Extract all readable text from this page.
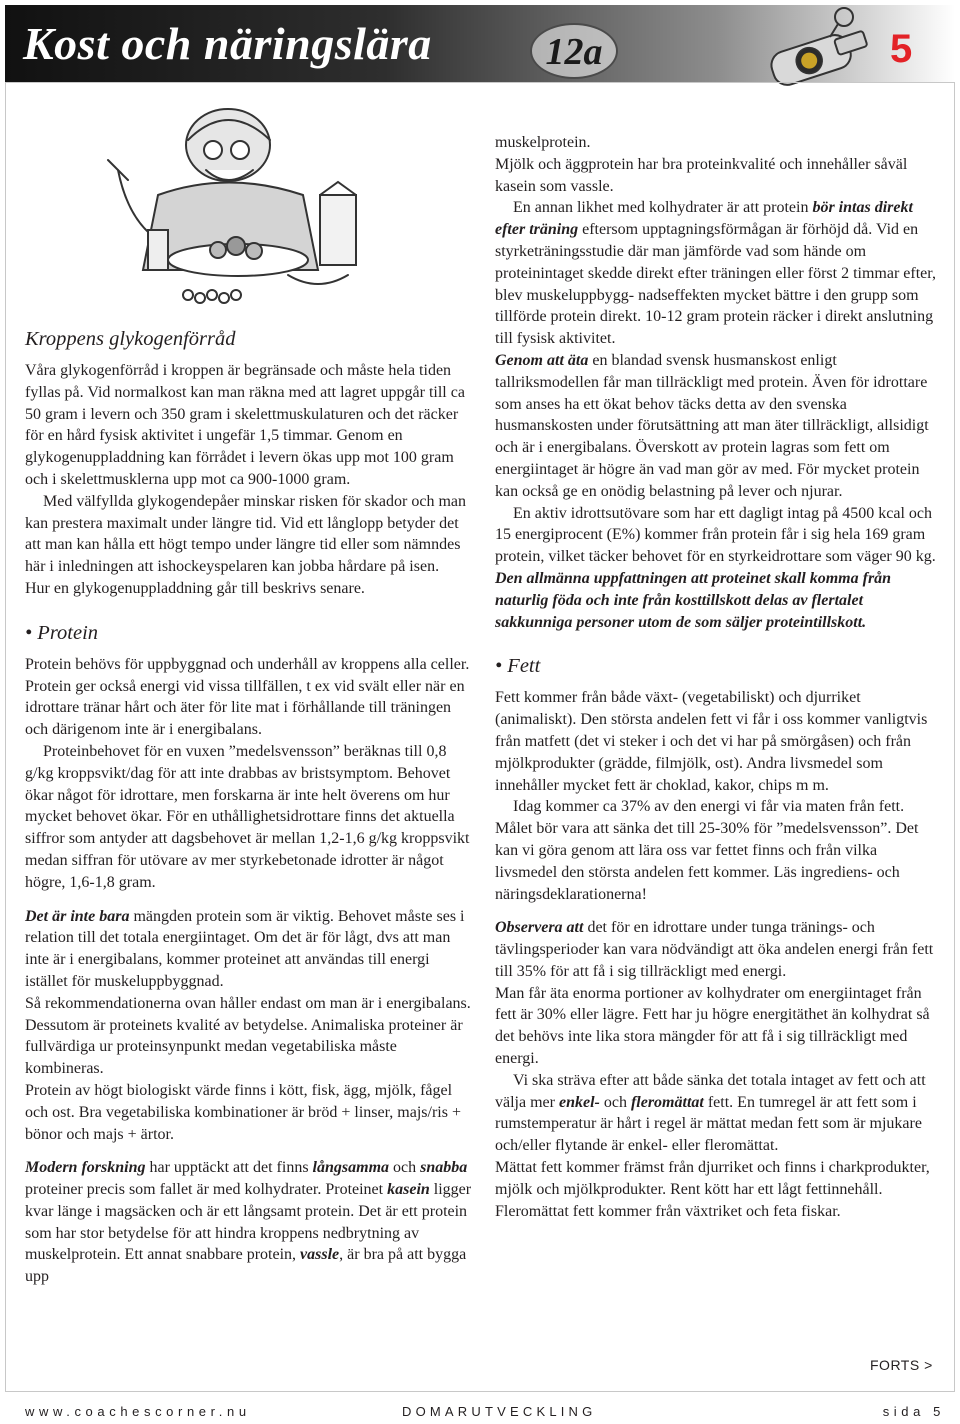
Kost och näringslära	12a	5
Kroppens glykogenförråd

Våra glykogenförråd i kroppen är begränsade och måste hela tiden fyllas på. Vid normalkost kan man räkna med att lagret uppgår till ca 50 gram i levern och 350 gram i skelettmuskulaturen och det räcker för en hård fysisk aktivitet i ungefär 1,5 timmar. Genom en glykogenuppladdning kan förrådet i levern ökas upp mot 100 gram och i skelettmusklerna upp mot ca 900-1000 gram.

Med välfyllda glykogendepåer minskar risken för skador och man kan prestera maximalt under längre tid. Vid ett långlopp betyder det att man kan hålla ett högt tempo under längre tid eller som nämndes här i inledningen att ishockeyspelaren kan jobba hårdare på isen.

Hur en glykogenuppladdning går till beskrivs senare.

• Protein

Protein behövs för uppbyggnad och underhåll av kroppens alla celler. Protein ger också energi vid vissa tillfällen, t ex vid svält eller när en idrottare tränar hårt och äter för lite mat i förhållande till träningen och därigenom inte är i energibalans.

Proteinbehovet för en vuxen ”medelsvensson” beräknas till 0,8 g/kg kroppsvikt/dag för att inte drabbas av bristsymptom. Behovet ökar något för idrottare, men forskarna är inte helt överens om hur mycket behovet ökar. För en uthållighetsidrottare finns det aktuella siffror som antyder att dagsbehovet är mellan 1,2-1,6 g/kg kroppsvikt medan siffran för utövare av mer styrkebetonade idrotter är något högre, 1,6-1,8 gram.

Det är inte bara mängden protein som är viktig. Behovet måste ses i relation till det totala energiintaget. Om det är för lågt, dvs att man inte är i energibalans, kommer proteinet att användas till energi istället för muskeluppbyggnad.

Så rekommendationerna ovan håller endast om man är i energibalans. Dessutom är proteinets kvalité av betydelse. Animaliska proteiner är fullvärdiga ur proteinsynpunkt medan vegetabiliska måste kombineras.

Protein av högt biologiskt värde finns i kött, fisk, ägg, mjölk, fågel och ost. Bra vegetabiliska kombinationer är bröd + linser, majs/ris + bönor och majs + ärtor.

Modern forskning har upptäckt att det finns långsamma och snabba proteiner precis som fallet är med kolhydrater. Proteinet kasein ligger kvar länge i magsäcken och är ett långsamt protein. Det är ett protein som har stor betydelse för att hindra kroppens nedbrytning av muskelprotein. Ett annat snabbare protein, vassle, är bra på att bygga upp

muskelprotein.

Mjölk och äggprotein har bra proteinkvalité och innehåller såväl kasein som vassle.

En annan likhet med kolhydrater är att protein bör intas direkt efter träning eftersom upptagningsförmågan är förhöjd då. Vid en styrketräningsstudie där man jämförde vad som hände om proteinintaget skedde direkt efter träningen eller först 2 timmar efter, blev muskeluppbygg- nadseffekten mycket bättre i den grupp som tillförde protein direkt. 10-12 gram protein räcker i direkt anslutning till fysisk aktivitet.

Genom att äta en blandad svensk husmanskost enligt tallriksmodellen får man tillräckligt med protein. Även för idrottare som anses ha ett ökat behov täcks detta av den svenska husmanskosten under förutsättning att man äter tillräckligt, allsidigt och är i energibalans. Överskott av protein lagras som fett om energiintaget är högre än vad man gör av med. För mycket protein kan också ge en onödig belastning på lever och njurar.

En aktiv idrottsutövare som har ett dagligt intag på 4500 kcal och 15 energiprocent (E%) kommer från protein får i sig hela 169 gram protein, vilket täcker behovet för en styrkeidrottare som väger 90 kg.

Den allmänna uppfattningen att proteinet skall komma från naturlig föda och inte från kosttillskott delas av flertalet sakkunniga personer utom de som säljer proteintillskott.

• Fett

Fett kommer från både växt- (vegetabiliskt) och djurriket (animaliskt). Den största andelen fett vi får i oss kommer vanligtvis från matfett (det vi steker i och det vi har på smörgåsen) och från mjölkprodukter (grädde, filmjölk, ost). Andra livsmedel som innehåller mycket fett är choklad, kakor, chips m m.

Idag kommer ca 37% av den energi vi får via maten från fett. Målet bör vara att sänka det till 25-30% för ”medelsvensson”. Det kan vi göra genom att lära oss var fettet finns och från vilka livsmedel den största andelen fett kommer. Läs ingrediens- och näringsdeklarationerna!

Observera att det för en idrottare under tunga tränings- och tävlingsperioder kan vara nödvändigt att öka andelen energi från fett till 35% för att få i sig tillräckligt med energi.

Man får äta enorma portioner av kolhydrater om energiintaget från fett är 30% eller lägre. Fett har ju högre energitäthet än kolhydrat så det behövs inte lika stora mängder för att få i sig tillräckligt med energi.

Vi ska sträva efter att både sänka det totala intaget av fett och att välja mer enkel- och fleromättat fett. En tumregel är att fett som i rumstemperatur är hårt i regel är mättat medan fett som är mjukare och/eller flytande är enkel- eller fleromättat.

Mättat fett kommer främst från djurriket och finns i charkprodukter, mjölk och mjölkprodukter. Rent kött har ett lågt fettinnehåll. Fleromättat fett kommer från växtriket och feta fiskar.

FORTS >
www.coachescorner.nu	DOMARUTVECKLING	sida 5
